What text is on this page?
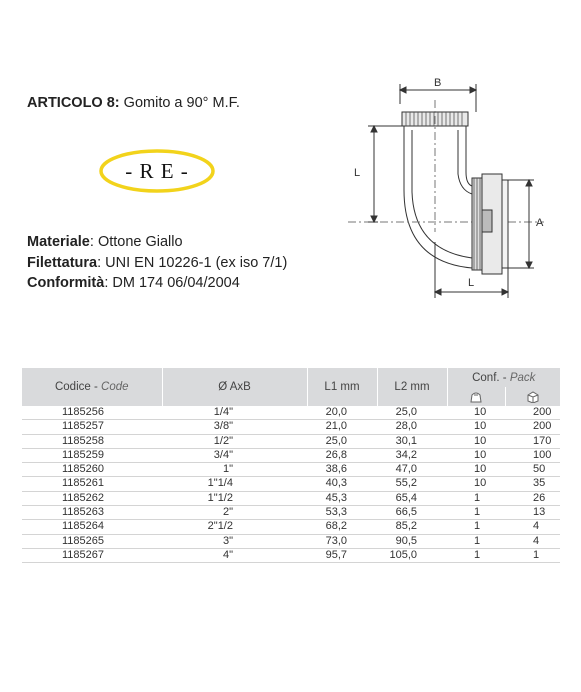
ARTICOLO 8: Gomito a 90° M.F.
- R E -
Materiale: Ottone Giallo
Filettatura: UNI EN 10226-1 (ex iso 7/1)
Conformità: DM 174 06/04/2004
B
L
A
L
Codice - Code	Ø AxB	L1 mm	L2 mm	Conf. - Pack	

1185256	1/4"	20,0	25,0	10	200
1185257	3/8"	21,0	28,0	10	200
1185258	1/2"	25,0	30,1	10	170
1185259	3/4"	26,8	34,2	10	100
1185260	1"	38,6	47,0	10	50
1185261	1"1/4	40,3	55,2	10	35
1185262	1"1/2	45,3	65,4	1	26
1185263	2"	53,3	66,5	1	13
1185264	2"1/2	68,2	85,2	1	4
1185265	3"	73,0	90,5	1	4
1185267	4"	95,7	105,0	1	1
